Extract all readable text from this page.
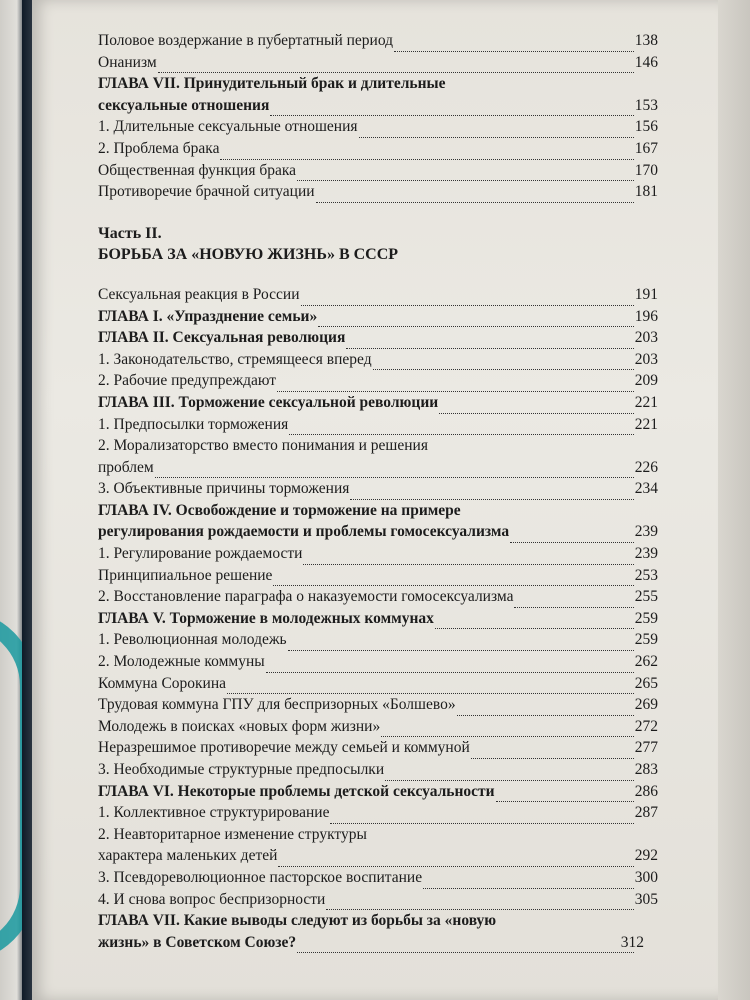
Половое воздержание в пубертатный период	138
Онанизм	146
ГЛАВА VII. Принудительный брак и длительные
сексуальные отношения	153
1. Длительные сексуальные отношения	156
2. Проблема брака	167
Общественная функция брака	170
Противоречие брачной ситуации	181
Часть II.
БОРЬБА ЗА «НОВУЮ ЖИЗНЬ» В СССР
Сексуальная реакция в России	191
ГЛАВА I. «Упразднение семьи»	196
ГЛАВА II. Сексуальная революция	203
1. Законодательство, стремящееся вперед	203
2. Рабочие предупреждают	209
ГЛАВА III. Торможение сексуальной революции	221
1. Предпосылки торможения	221
2. Морализаторство вместо понимания и решения
проблем	226
3. Объективные причины торможения	234
ГЛАВА IV. Освобождение и торможение на примере
регулирования рождаемости и проблемы гомосексуализма	239
1. Регулирование рождаемости	239
Принципиальное решение	253
2. Восстановление параграфа о наказуемости гомосексуализма	255
ГЛАВА V. Торможение в молодежных коммунах	259
1. Революционная молодежь	259
2. Молодежные коммуны	262
Коммуна Сорокина	265
Трудовая коммуна ГПУ для беспризорных «Болшево»	269
Молодежь в поисках «новых форм жизни»	272
Неразрешимое противоречие между семьей и коммуной	277
3. Необходимые структурные предпосылки	283
ГЛАВА VI. Некоторые проблемы детской сексуальности	286
1. Коллективное структурирование	287
2. Неавторитарное изменение структуры
характера маленьких детей	292
3. Псевдореволюционное пасторское воспитание	300
4. И снова вопрос беспризорности	305
ГЛАВА VII. Какие выводы следуют из борьбы за «новую
жизнь» в Советском Союзе?	312
